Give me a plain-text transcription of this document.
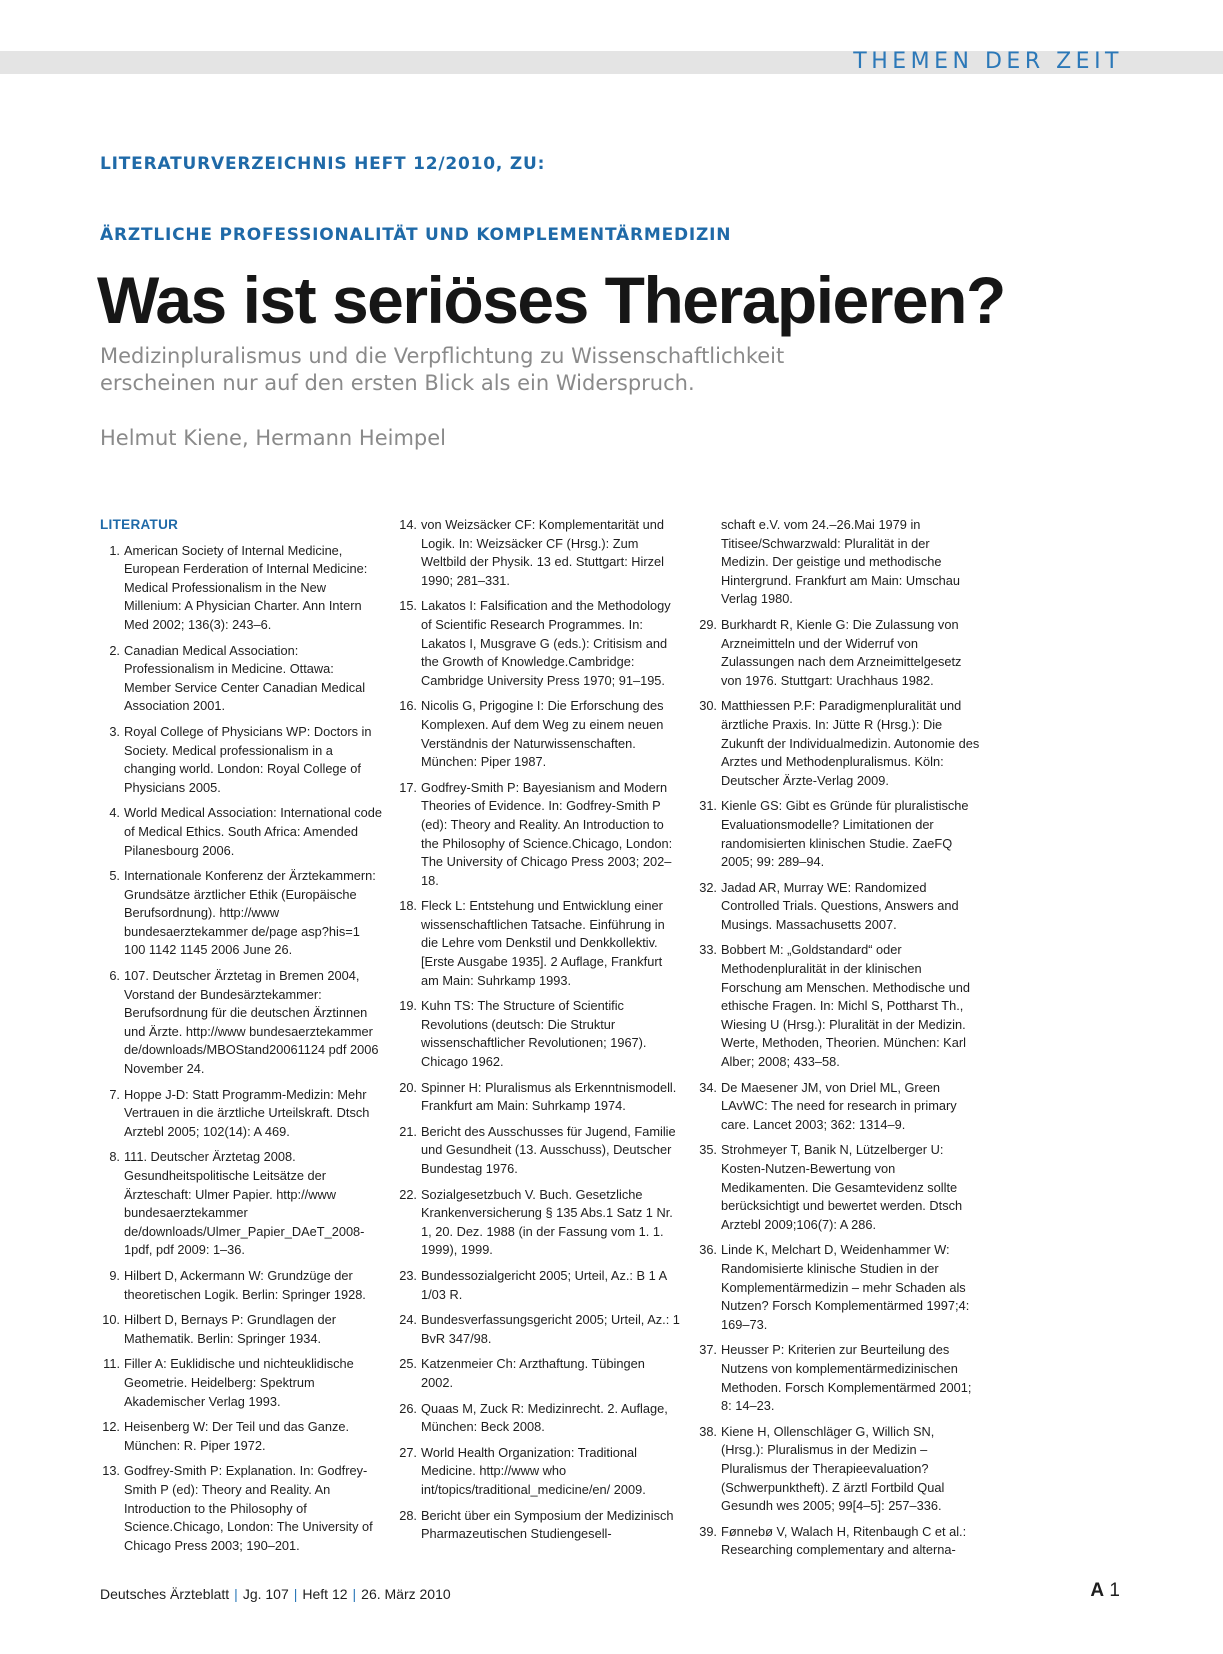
THEMEN DER ZEIT
LITERATURVERZEICHNIS HEFT 12/2010, ZU:
ÄRZTLICHE PROFESSIONALITÄT UND KOMPLEMENTÄRMEDIZIN
Was ist seriöses Therapieren?
Medizinpluralismus und die Verpflichtung zu Wissenschaftlichkeit erscheinen nur auf den ersten Blick als ein Widerspruch.
Helmut Kiene, Hermann Heimpel
LITERATUR
1. American Society of Internal Medicine, European Ferderation of Internal Medicine: Medical Professionalism in the New Millenium: A Physician Charter. Ann Intern Med 2002; 136(3): 243–6.
2. Canadian Medical Association: Professionalism in Medicine. Ottawa: Member Service Center Canadian Medical Association 2001.
3. Royal College of Physicians WP: Doctors in Society. Medical professionalism in a changing world. London: Royal College of Physicians 2005.
4. World Medical Association: International code of Medical Ethics. South Africa: Amended Pilanesbourg 2006.
5. Internationale Konferenz der Ärztekammern: Grundsätze ärztlicher Ethik (Europäische Berufsordnung). http://www bundesaerztekammer de/page asp?his=1 100 1142 1145 2006 June 26.
6. 107. Deutscher Ärztetag in Bremen 2004, Vorstand der Bundesärztekammer: Berufsordnung für die deutschen Ärztinnen und Ärzte. http://www bundesaerztekammer de/downloads/MBOStand20061124 pdf 2006 November 24.
7. Hoppe J-D: Statt Programm-Medizin: Mehr Vertrauen in die ärztliche Urteilskraft. Dtsch Arztebl 2005; 102(14): A 469.
8. 111. Deutscher Ärztetag 2008. Gesundheitspolitische Leitsätze der Ärzteschaft: Ulmer Papier. http://www bundesaerztekammer de/downloads/Ulmer_Papier_DAeT_2008-1pdf, pdf 2009: 1–36.
9. Hilbert D, Ackermann W: Grundzüge der theoretischen Logik. Berlin: Springer 1928.
10. Hilbert D, Bernays P: Grundlagen der Mathematik. Berlin: Springer 1934.
11. Filler A: Euklidische und nichteuklidische Geometrie. Heidelberg: Spektrum Akademischer Verlag 1993.
12. Heisenberg W: Der Teil und das Ganze. München: R. Piper 1972.
13. Godfrey-Smith P: Explanation. In: Godfrey-Smith P (ed): Theory and Reality. An Introduction to the Philosophy of Science.Chicago, London: The University of Chicago Press 2003; 190–201.
14. von Weizsäcker CF: Komplementarität und Logik. In: Weizsäcker CF (Hrsg.): Zum Weltbild der Physik. 13 ed. Stuttgart: Hirzel 1990; 281–331.
15. Lakatos I: Falsification and the Methodology of Scientific Research Programmes. In: Lakatos I, Musgrave G (eds.): Critisism and the Growth of Knowledge.Cambridge: Cambridge University Press 1970; 91–195.
16. Nicolis G, Prigogine I: Die Erforschung des Komplexen. Auf dem Weg zu einem neuen Verständnis der Naturwissenschaften. München: Piper 1987.
17. Godfrey-Smith P: Bayesianism and Modern Theories of Evidence. In: Godfrey-Smith P (ed): Theory and Reality. An Introduction to the Philosophy of Science.Chicago, London: The University of Chicago Press 2003; 202–18.
18. Fleck L: Entstehung und Entwicklung einer wissenschaftlichen Tatsache. Einführung in die Lehre vom Denkstil und Denkkollektiv. [Erste Ausgabe 1935]. 2 Auflage, Frankfurt am Main: Suhrkamp 1993.
19. Kuhn TS: The Structure of Scientific Revolutions (deutsch: Die Struktur wissenschaftlicher Revolutionen; 1967). Chicago 1962.
20. Spinner H: Pluralismus als Erkenntnismodell. Frankfurt am Main: Suhrkamp 1974.
21. Bericht des Ausschusses für Jugend, Familie und Gesundheit (13. Ausschuss), Deutscher Bundestag 1976.
22. Sozialgesetzbuch V. Buch. Gesetzliche Krankenversicherung § 135 Abs.1 Satz 1 Nr. 1, 20. Dez. 1988 (in der Fassung vom 1. 1. 1999), 1999.
23. Bundessozialgericht 2005; Urteil, Az.: B 1 A 1/03 R.
24. Bundesverfassungsgericht 2005; Urteil, Az.: 1 BvR 347/98.
25. Katzenmeier Ch: Arzthaftung. Tübingen 2002.
26. Quaas M, Zuck R: Medizinrecht. 2. Auflage, München: Beck 2008.
27. World Health Organization: Traditional Medicine. http://www who int/topics/traditional_medicine/en/ 2009.
28. Bericht über ein Symposium der Medizinisch Pharmazeutischen Studiengesell-
schaft e.V. vom 24.–26.Mai 1979 in Titisee/Schwarzwald: Pluralität in der Medizin. Der geistige und methodische Hintergrund. Frankfurt am Main: Umschau Verlag 1980.
29. Burkhardt R, Kienle G: Die Zulassung von Arzneimitteln und der Widerruf von Zulassungen nach dem Arzneimittelgesetz von 1976. Stuttgart: Urachhaus 1982.
30. Matthiessen P.F: Paradigmenpluralität und ärztliche Praxis. In: Jütte R (Hrsg.): Die Zukunft der Individualmedizin. Autonomie des Arztes und Methodenpluralismus. Köln: Deutscher Ärzte-Verlag 2009.
31. Kienle GS: Gibt es Gründe für pluralistische Evaluationsmodelle? Limitationen der randomisierten klinischen Studie. ZaeFQ 2005; 99: 289–94.
32. Jadad AR, Murray WE: Randomized Controlled Trials. Questions, Answers and Musings. Massachusetts 2007.
33. Bobbert M: „Goldstandard“ oder Methodenpluralität in der klinischen Forschung am Menschen. Methodische und ethische Fragen. In: Michl S, Pottharst Th., Wiesing U (Hrsg.): Pluralität in der Medizin. Werte, Methoden, Theorien. München: Karl Alber; 2008; 433–58.
34. De Maesener JM, von Driel ML, Green LAvWC: The need for research in primary care. Lancet 2003; 362: 1314–9.
35. Strohmeyer T, Banik N, Lützelberger U: Kosten-Nutzen-Bewertung von Medikamenten. Die Gesamtevidenz sollte berücksichtigt und bewertet werden. Dtsch Arztebl 2009;106(7): A 286.
36. Linde K, Melchart D, Weidenhammer W: Randomisierte klinische Studien in der Komplementärmedizin – mehr Schaden als Nutzen? Forsch Komplementärmed 1997;4: 169–73.
37. Heusser P: Kriterien zur Beurteilung des Nutzens von komplementärmedizinischen Methoden. Forsch Komplementärmed 2001; 8: 14–23.
38. Kiene H, Ollenschläger G, Willich SN, (Hrsg.): Pluralismus in der Medizin – Pluralismus der Therapieevaluation? (Schwerpunktheft). Z ärztl Fortbild Qual Gesundh wes 2005; 99[4–5]: 257–336.
39. Fønnebø V, Walach H, Ritenbaugh C et al.: Researching complementary and alterna-
Deutsches Ärzteblatt | Jg. 107 | Heft 12 | 26. März 2010	A 1
